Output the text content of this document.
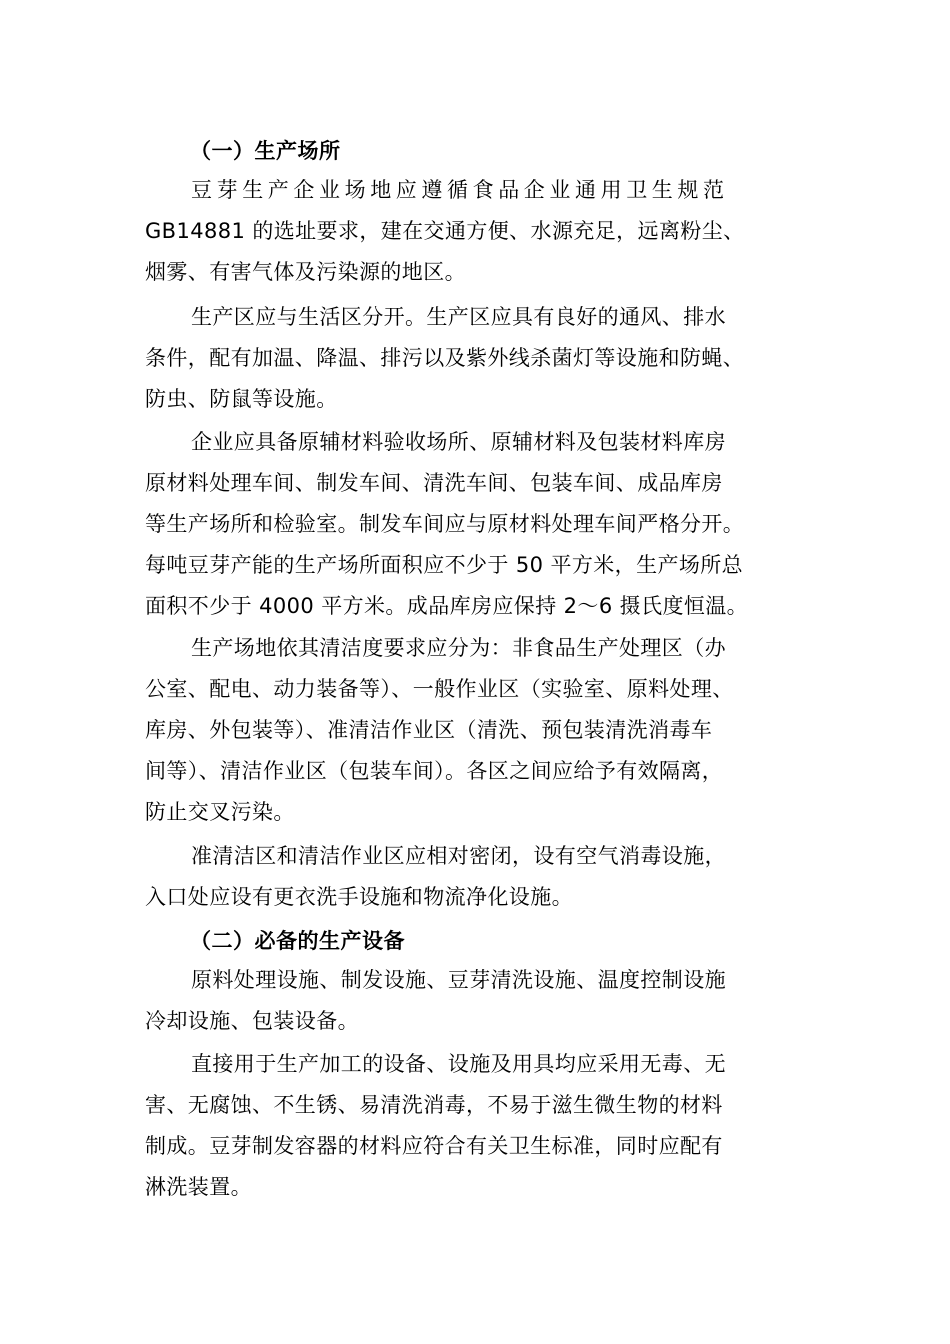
（一）生产场所
豆芽生产企业场地应遵循食品企业通用卫生规范
GB14881 的选址要求，建在交通方便、水源充足，远离粉尘、
烟雾、有害气体及污染源的地区。
生产区应与生活区分开。生产区应具有良好的通风、排水
条件，配有加温、降温、排污以及紫外线杀菌灯等设施和防蝇、
防虫、防鼠等设施。
企业应具备原辅材料验收场所、原辅材料及包装材料库房
原材料处理车间、制发车间、清洗车间、包装车间、成品库房
等生产场所和检验室。制发车间应与原材料处理车间严格分开。
每吨豆芽产能的生产场所面积应不少于 50 平方米，生产场所总
面积不少于 4000 平方米。成品库房应保持 2～6 摄氏度恒温。
生产场地依其清洁度要求应分为：非食品生产处理区（办
公室、配电、动力装备等）、一般作业区（实验室、原料处理、
库房、外包装等）、准清洁作业区（清洗、预包装清洗消毒车
间等）、清洁作业区（包装车间）。各区之间应给予有效隔离，
防止交叉污染。
准清洁区和清洁作业区应相对密闭，设有空气消毒设施，
入口处应设有更衣洗手设施和物流净化设施。
（二）必备的生产设备
原料处理设施、制发设施、豆芽清洗设施、温度控制设施
冷却设施、包装设备。
直接用于生产加工的设备、设施及用具均应采用无毒、无
害、无腐蚀、不生锈、易清洗消毒，不易于滋生微生物的材料
制成。豆芽制发容器的材料应符合有关卫生标准，同时应配有
淋洗装置。
